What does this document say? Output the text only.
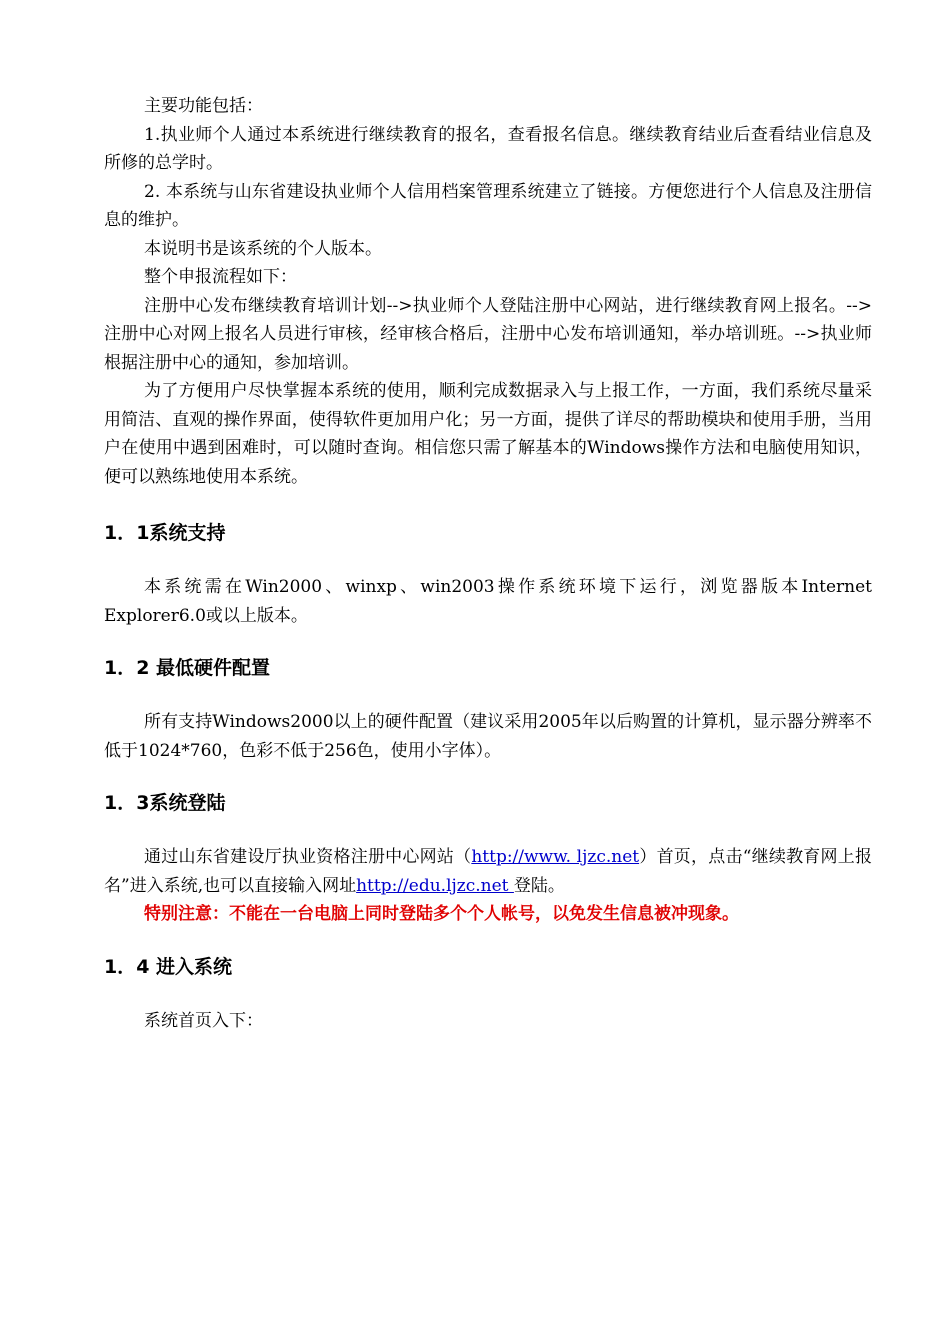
主要功能包括：

1.执业师个人通过本系统进行继续教育的报名，查看报名信息。继续教育结业后查看结业信息及所修的总学时。

2. 本系统与山东省建设执业师个人信用档案管理系统建立了链接。方便您进行个人信息及注册信息的维护。

本说明书是该系统的个人版本。

整个申报流程如下：

注册中心发布继续教育培训计划-->执业师个人登陆注册中心网站，进行继续教育网上报名。-->注册中心对网上报名人员进行审核，经审核合格后，注册中心发布培训通知，举办培训班。-->执业师根据注册中心的通知，参加培训。

为了方便用户尽快掌握本系统的使用，顺利完成数据录入与上报工作，一方面，我们系统尽量采用简洁、直观的操作界面，使得软件更加用户化；另一方面，提供了详尽的帮助模块和使用手册，当用户在使用中遇到困难时，可以随时查询。相信您只需了解基本的Windows操作方法和电脑使用知识，便可以熟练地使用本系统。

1．1系统支持

本系统需在Win2000、winxp、win2003操作系统环境下运行，浏览器版本Internet Explorer6.0或以上版本。

1．2 最低硬件配置

所有支持Windows2000以上的硬件配置（建议采用2005年以后购置的计算机，显示器分辨率不低于1024*760，色彩不低于256色，使用小字体）。

1．3系统登陆

通过山东省建设厅执业资格注册中心网站（http://www. ljzc.net）首页，点击“继续教育网上报名”进入系统,也可以直接输入网址http://edu.ljzc.net 登陆。

特别注意：不能在一台电脑上同时登陆多个个人帐号，以免发生信息被冲现象。

1．4 进入系统

系统首页入下：
